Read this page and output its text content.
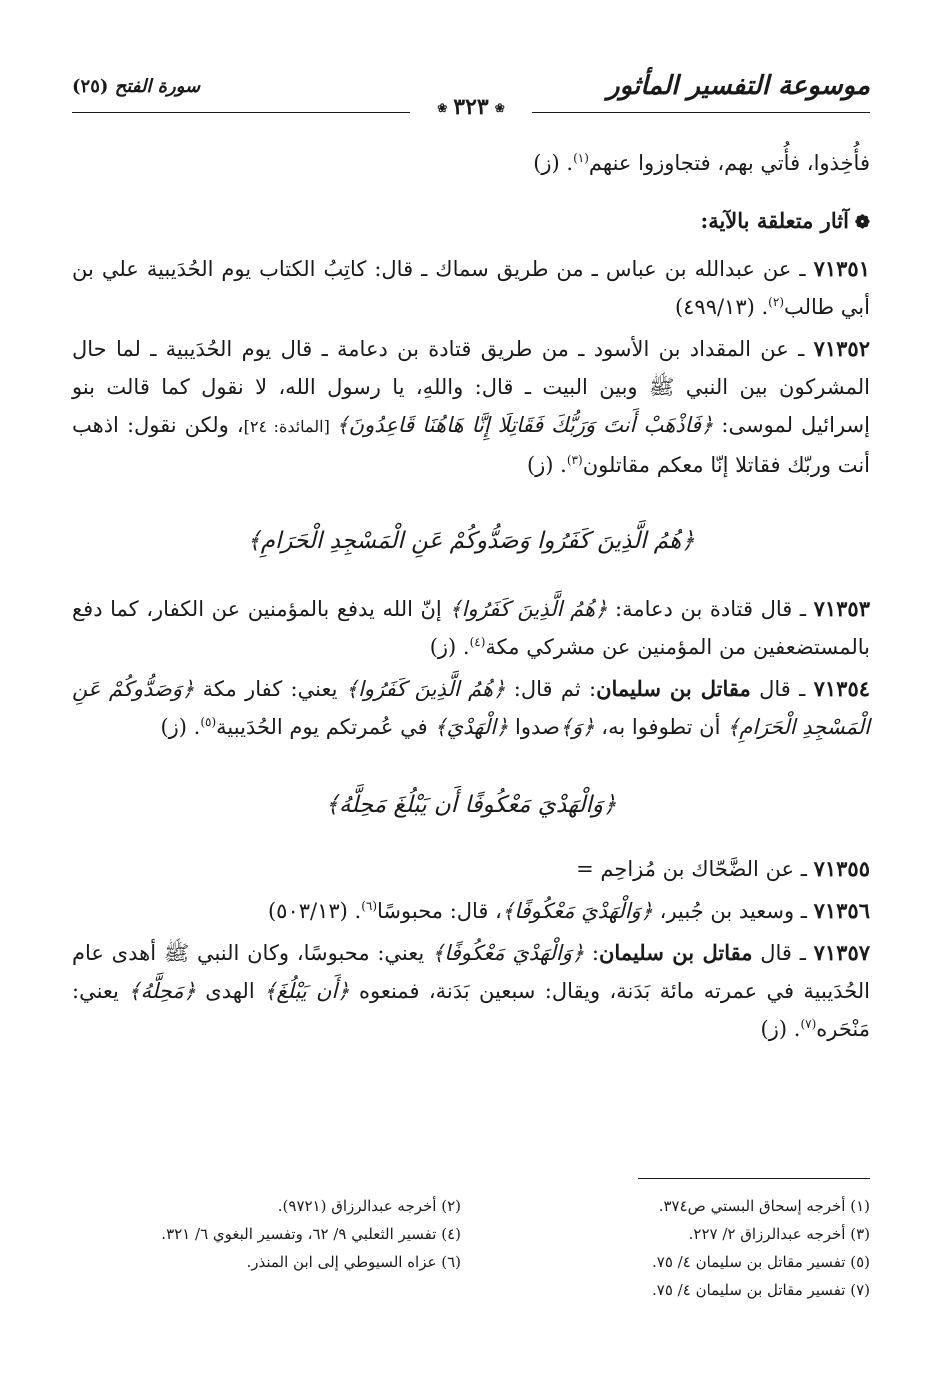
موسوعة التفسير المأثور
سورة الفتح (٢٥)
❀٣٢٣❀

فأُخِذوا، فأُتي بهم، فتجاوزوا عنهم$^{(١)}$. (ز)

❁آثار متعلقة بالآية:

٧١٣٥١ ـ عن عبدالله بن عباس ـ من طريق سماك ـ قال: كاتِبُ الكتاب يوم الحُدَيبية علي بن أبي طالب$^{(٢)}$. (٤٩٩/١٣)

٧١٣٥٢ ـ عن المقداد بن الأسود ـ من طريق قتادة بن دعامة ـ قال يوم الحُدَيبية ـ لما حال المشركون بين النبي ﷺ وبين البيت ـ قال: واللهِ، يا رسول الله، لا نقول كما قالت بنو إسرائيل لموسى: ﴿فَاذْهَبْ أَنتَ وَرَبُّكَ فَقَاتِلَا إِنَّا هَاهُنَا قَاعِدُونَ﴾ [المائدة: ٢٤]، ولكن نقول: اذهب أنت وربّك فقاتلا إنّا معكم مقاتلون$^{(٣)}$. (ز)

﴿هُمُ الَّذِينَ كَفَرُوا وَصَدُّوكُمْ عَنِ الْمَسْجِدِ الْحَرَامِ﴾

٧١٣٥٣ ـ قال قتادة بن دعامة: ﴿هُمُ الَّذِينَ كَفَرُوا﴾ إنّ الله يدفع بالمؤمنين عن الكفار، كما دفع بالمستضعفين من المؤمنين عن مشركي مكة$^{(٤)}$. (ز)

٧١٣٥٤ ـ قال مقاتل بن سليمان: ثم قال: ﴿هُمُ الَّذِينَ كَفَرُوا﴾ يعني: كفار مكة ﴿وَصَدُّوكُمْ عَنِ الْمَسْجِدِ الْحَرَامِ﴾ أن تطوفوا به، ﴿وَ﴾صدوا ﴿الْهَدْيَ﴾ في عُمرتكم يوم الحُدَيبية$^{(٥)}$. (ز)

﴿وَالْهَدْيَ مَعْكُوفًا أَن يَبْلُغَ مَحِلَّهُ﴾

٧١٣٥٥ ـ عن الضَّحّاك بن مُزاحِم =

٧١٣٥٦ ـ وسعيد بن جُبير، ﴿وَالْهَدْيَ مَعْكُوفًا﴾، قال: محبوسًا$^{(٦)}$. (٥٠٣/١٣)

٧١٣٥٧ ـ قال مقاتل بن سليمان: ﴿وَالْهَدْيَ مَعْكُوفًا﴾ يعني: محبوسًا، وكان النبي ﷺ أهدى عام الحُدَيبية في عمرته مائة بَدَنة، ويقال: سبعين بَدَنة، فمنعوه ﴿أَن يَبْلُغَ﴾ الهدى ﴿مَحِلَّهُ﴾ يعني: مَنْحَره$^{(٧)}$. (ز)

(١) أخرجه إسحاق البستي ص٣٧٤.
(٣) أخرجه عبدالرزاق ٢/ ٢٢٧.
(٥) تفسير مقاتل بن سليمان ٤/ ٧٥.
(٧) تفسير مقاتل بن سليمان ٤/ ٧٥.
(٢) أخرجه عبدالرزاق (٩٧٢١).
(٤) تفسير الثعلبي ٩/ ٦٢، وتفسير البغوي ٦/ ٣٢١.
(٦) عزاه السيوطي إلى ابن المنذر.
